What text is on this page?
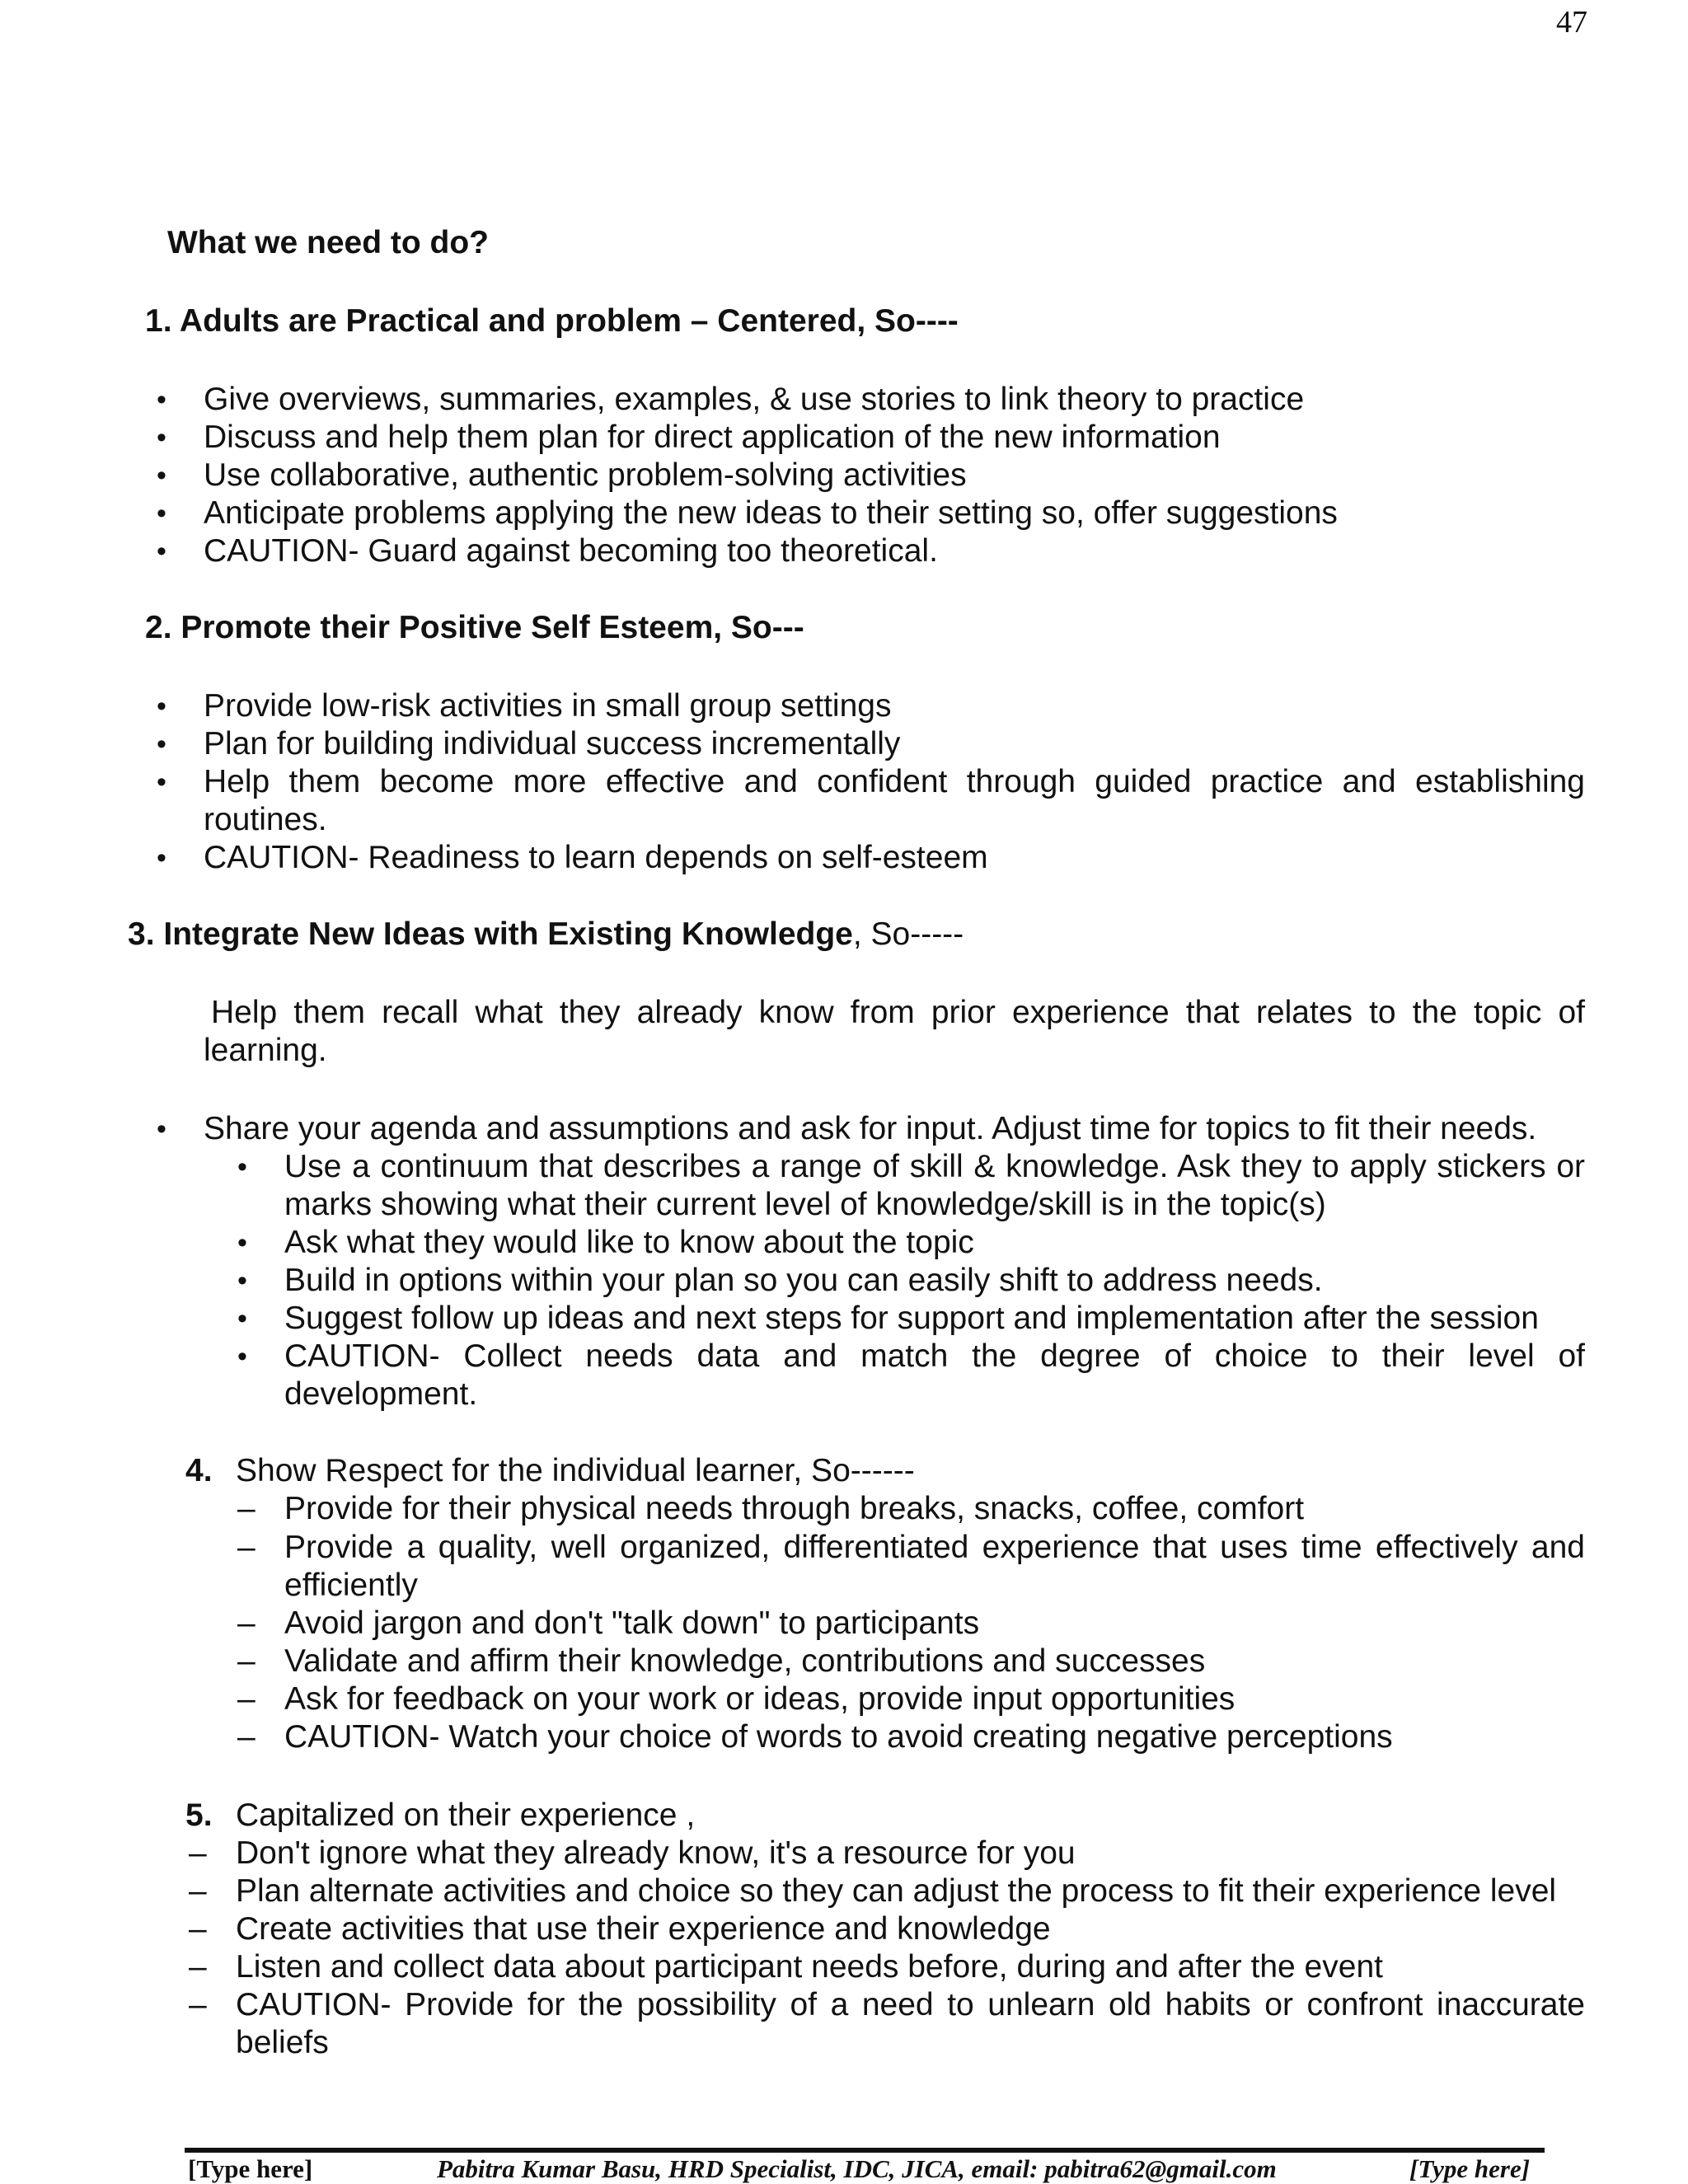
47
What we need to do?
1. Adults are Practical and problem – Centered, So----
• Give overviews, summaries, examples, & use stories to link theory to practice
• Discuss and help them plan for direct application of the new information
• Use collaborative, authentic problem-solving activities
• Anticipate problems applying the new ideas to their setting so, offer suggestions
• CAUTION- Guard against becoming too theoretical.
2. Promote their Positive Self Esteem, So---
• Provide low-risk activities in small group settings
• Plan for building individual success incrementally
• Help them become more effective and confident through guided practice and establishing
routines.
• CAUTION- Readiness to learn depends on self-esteem
3. Integrate New Ideas with Existing Knowledge, So-----
Help them recall what they already know from prior experience that relates to the topic of
learning.
• Share your agenda and assumptions and ask for input. Adjust time for topics to fit their needs.
• Use a continuum that describes a range of skill & knowledge. Ask they to apply stickers or
marks showing what their current level of knowledge/skill is in the topic(s)
• Ask what they would like to know about the topic
• Build in options within your plan so you can easily shift to address needs.
• Suggest follow up ideas and next steps for support and implementation after the session
• CAUTION- Collect needs data and match the degree of choice to their level of
development.
4. Show Respect for the individual learner, So------
– Provide for their physical needs through breaks, snacks, coffee, comfort
– Provide a quality, well organized, differentiated experience that uses time effectively and
efficiently
– Avoid jargon and don't "talk down" to participants
– Validate and affirm their knowledge, contributions and successes
– Ask for feedback on your work or ideas, provide input opportunities
– CAUTION- Watch your choice of words to avoid creating negative perceptions
5. Capitalized on their experience ,
– Don't ignore what they already know, it's a resource for you
– Plan alternate activities and choice so they can adjust the process to fit their experience level
– Create activities that use their experience and knowledge
– Listen and collect data about participant needs before, during and after the event
– CAUTION- Provide for the possibility of a need to unlearn old habits or confront inaccurate
beliefs
[Type here]	Pabitra Kumar Basu, HRD Specialist, IDC, JICA, email: pabitra62@gmail.com	[Type here]
